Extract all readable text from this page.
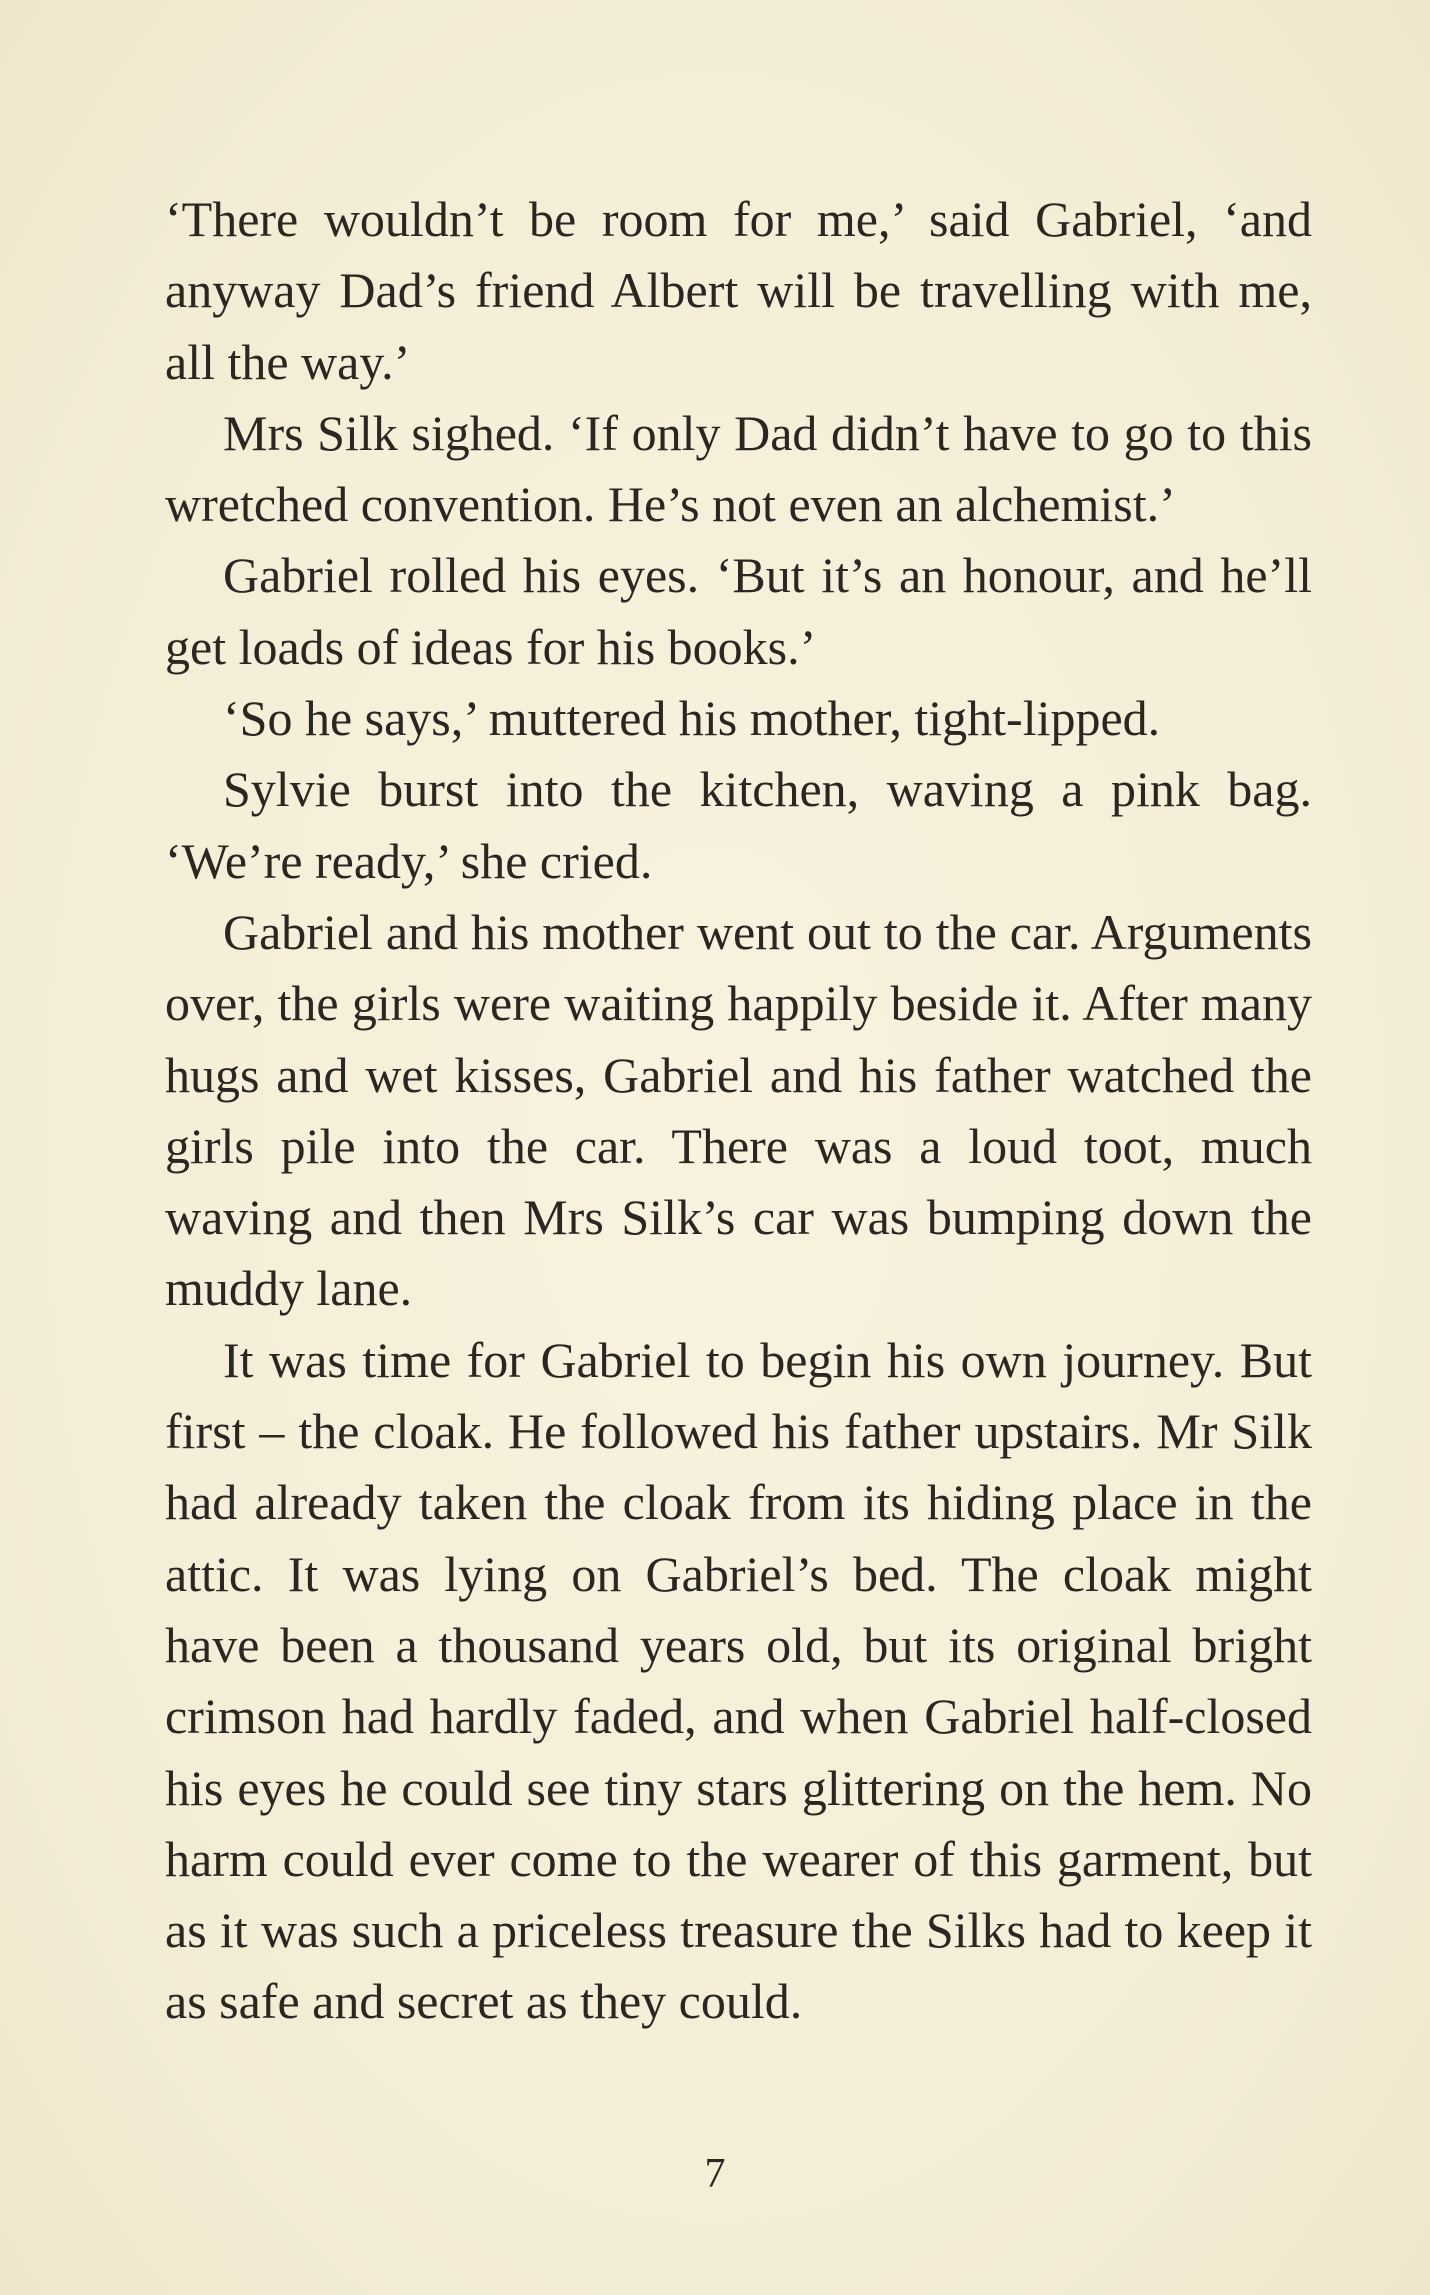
‘There wouldn’t be room for me,’ said Gabriel, ‘and anyway Dad’s friend Albert will be travelling with me, all the way.’

Mrs Silk sighed. ‘If only Dad didn’t have to go to this wretched convention. He’s not even an alchemist.’

Gabriel rolled his eyes. ‘But it’s an honour, and he’ll get loads of ideas for his books.’

‘So he says,’ muttered his mother, tight-lipped.

Sylvie burst into the kitchen, waving a pink bag. ‘We’re ready,’ she cried.

Gabriel and his mother went out to the car. Arguments over, the girls were waiting happily beside it. After many hugs and wet kisses, Gabriel and his father watched the girls pile into the car. There was a loud toot, much waving and then Mrs Silk’s car was bumping down the muddy lane.

It was time for Gabriel to begin his own journey. But first – the cloak. He followed his father upstairs. Mr Silk had already taken the cloak from its hiding place in the attic. It was lying on Gabriel’s bed. The cloak might have been a thousand years old, but its original bright crimson had hardly faded, and when Gabriel half-closed his eyes he could see tiny stars glittering on the hem. No harm could ever come to the wearer of this garment, but as it was such a priceless treasure the Silks had to keep it as safe and secret as they could.

7
